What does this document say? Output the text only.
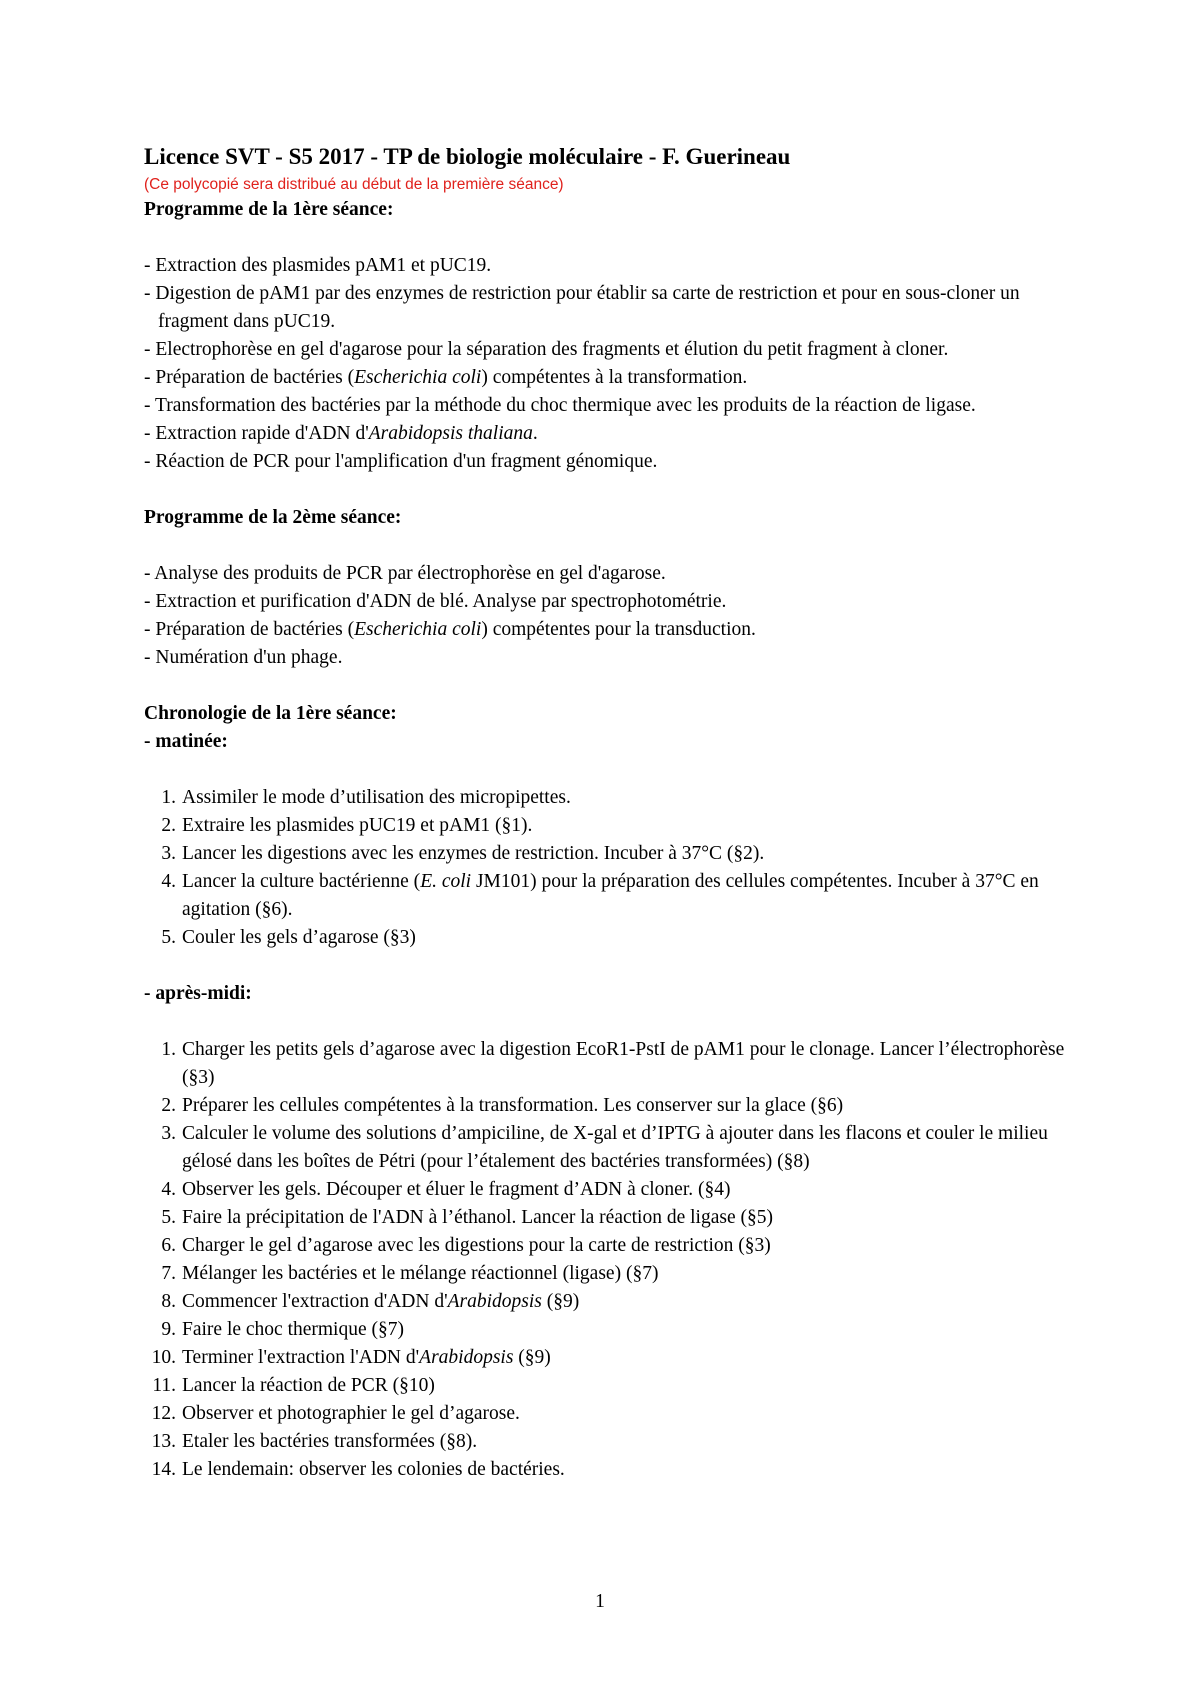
Licence SVT - S5 2017 - TP de biologie moléculaire - F. Guerineau

(Ce polycopié sera distribué au début de la première séance)

Programme de la 1ère séance:

- Extraction des plasmides pAM1 et pUC19.
- Digestion de pAM1 par des enzymes de restriction pour établir sa carte de restriction et pour en sous-cloner un fragment dans pUC19.
- Electrophorèse en gel d'agarose pour la séparation des fragments et élution du petit fragment à cloner.
- Préparation de bactéries (Escherichia coli) compétentes à la transformation.
- Transformation des bactéries par la méthode du choc thermique avec les produits de la réaction de ligase.
- Extraction rapide d'ADN d'Arabidopsis thaliana.
- Réaction de PCR pour l'amplification d'un fragment génomique.

Programme de la 2ème séance:

- Analyse des produits de PCR par électrophorèse en gel d'agarose.
- Extraction et purification d'ADN de blé. Analyse par spectrophotométrie.
- Préparation de bactéries (Escherichia coli) compétentes pour la transduction.
- Numération d'un phage.

Chronologie de la 1ère séance:

- matinée:

1. Assimiler le mode d’utilisation des micropipettes.
2. Extraire les plasmides pUC19 et pAM1 (§1).
3. Lancer les digestions avec les enzymes de restriction. Incuber à 37°C (§2).
4. Lancer la culture bactérienne (E. coli JM101) pour la préparation des cellules compétentes. Incuber à 37°C en agitation (§6).
5. Couler les gels d’agarose (§3)

- après-midi:

1. Charger les petits gels d’agarose avec la digestion EcoR1-PstI de pAM1 pour le clonage. Lancer l’électrophorèse (§3)
2. Préparer les cellules compétentes à la transformation. Les conserver sur la glace (§6)
3. Calculer le volume des solutions d’ampiciline, de X-gal et d’IPTG à ajouter dans les flacons et couler le milieu gélosé dans les boîtes de Pétri (pour l’étalement des bactéries transformées) (§8)
4. Observer les gels. Découper et éluer le fragment d’ADN à cloner. (§4)
5. Faire la précipitation de l'ADN à l’éthanol. Lancer la réaction de ligase (§5)
6. Charger le gel d’agarose avec les digestions pour la carte de restriction (§3)
7. Mélanger les bactéries et le mélange réactionnel (ligase) (§7)
8. Commencer l'extraction d'ADN d'Arabidopsis (§9)
9. Faire le choc thermique (§7)
10. Terminer l'extraction l'ADN d'Arabidopsis (§9)
11. Lancer la réaction de PCR (§10)
12. Observer et photographier le gel d’agarose.
13. Etaler les bactéries transformées (§8).
14. Le lendemain: observer les colonies de bactéries.
1
